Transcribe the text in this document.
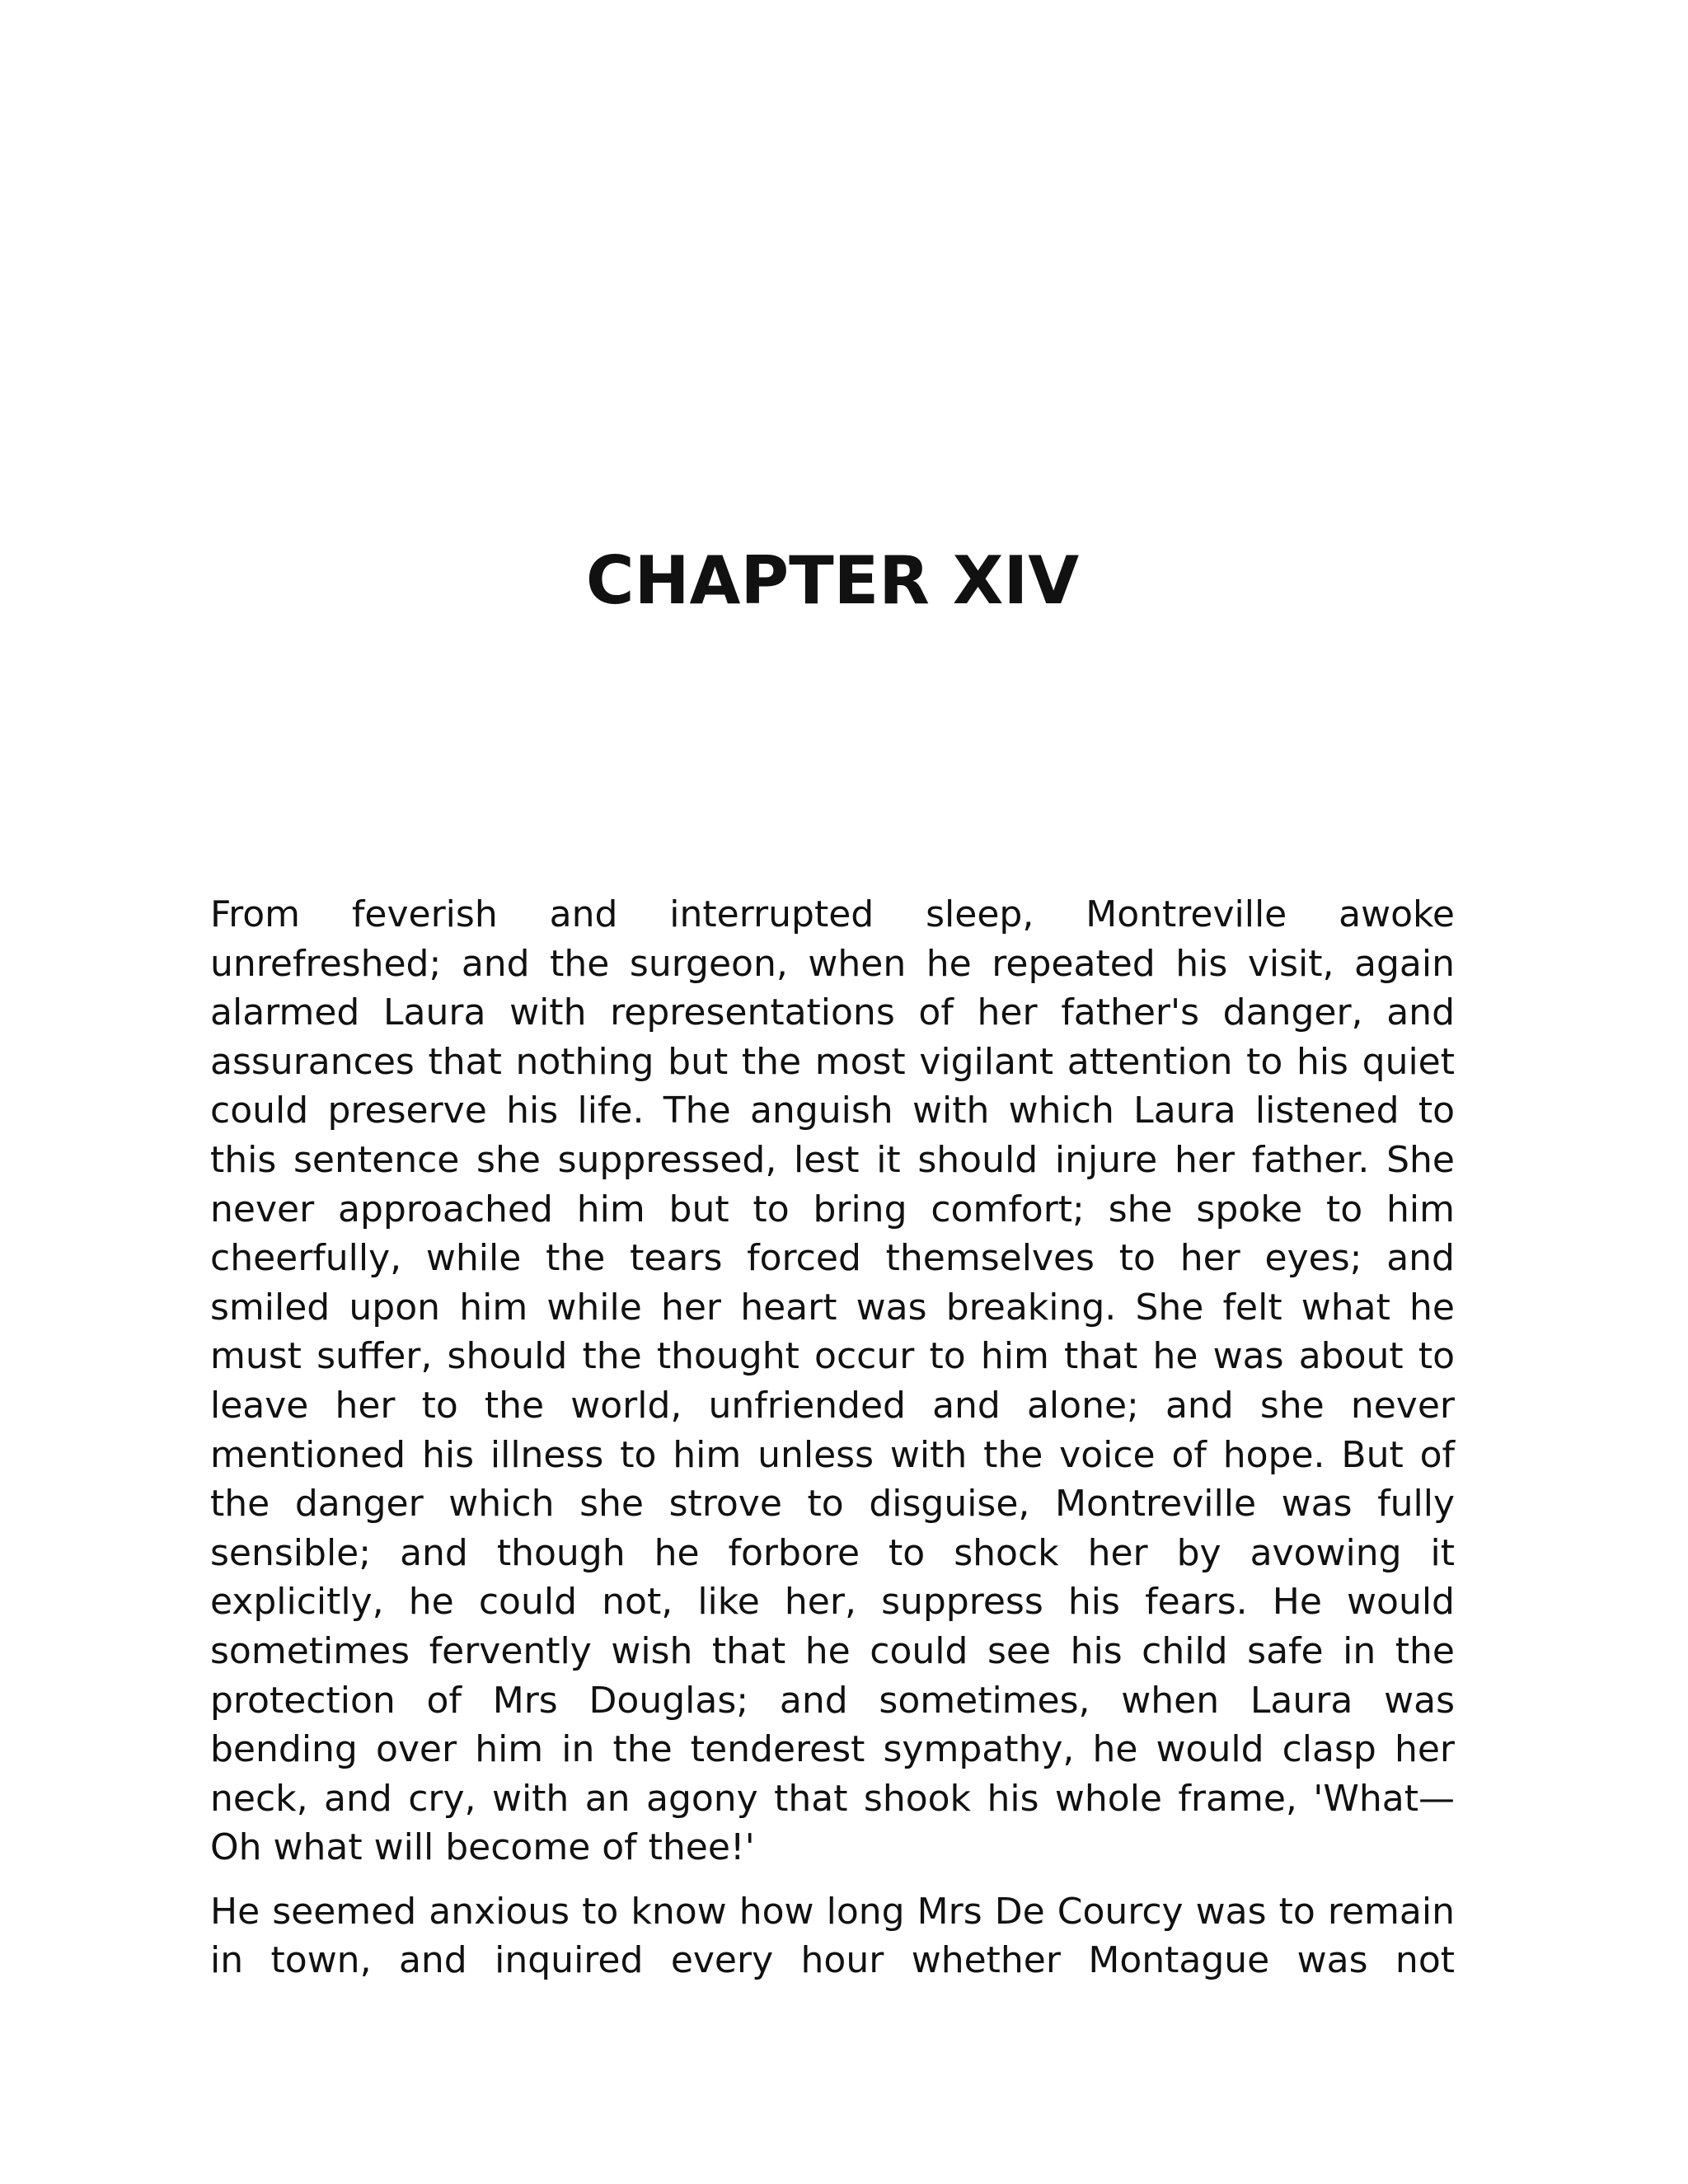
CHAPTER XIV

From feverish and interrupted sleep, Montreville awoke unrefreshed; and the surgeon, when he repeated his visit, again alarmed Laura with representations of her father's danger, and assurances that nothing but the most vigilant attention to his quiet could preserve his life. The anguish with which Laura listened to this sentence she suppressed, lest it should injure her father. She never approached him but to bring comfort; she spoke to him cheerfully, while the tears forced themselves to her eyes; and smiled upon him while her heart was breaking. She felt what he must suffer, should the thought occur to him that he was about to leave her to the world, unfriended and alone; and she never mentioned his illness to him unless with the voice of hope. But of the danger which she strove to disguise, Montreville was fully sensible; and though he forbore to shock her by avowing it explicitly, he could not, like her, suppress his fears. He would sometimes fervently wish that he could see his child safe in the protection of Mrs Douglas; and sometimes, when Laura was bending over him in the tenderest sympathy, he would clasp her neck, and cry, with an agony that shook his whole frame, 'What—Oh what will become of thee!'

He seemed anxious to know how long Mrs De Courcy was to remain in town, and inquired every hour whether Montague was not
